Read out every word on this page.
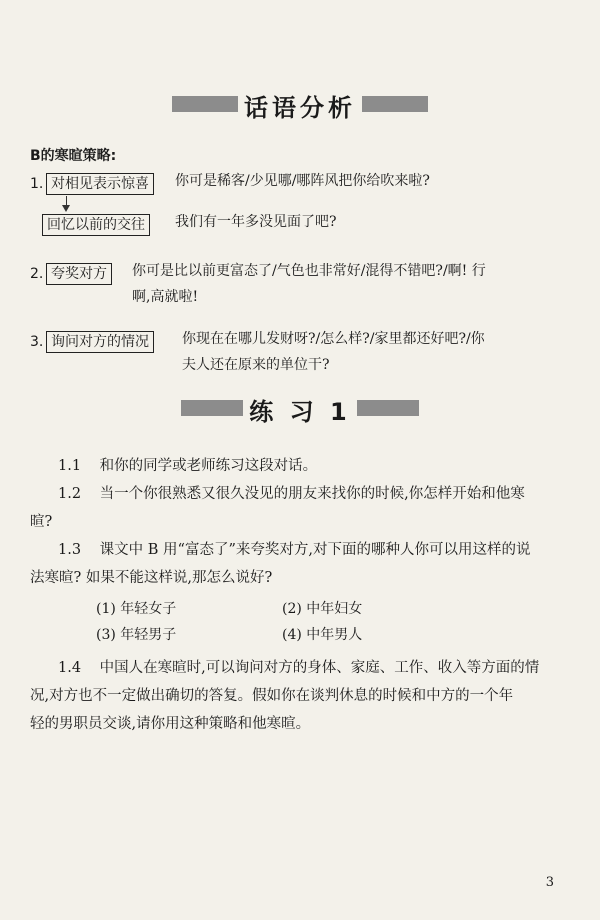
话语分析
B的寒暄策略:
1. 对相见表示惊喜	你可是稀客/少见哪/哪阵风把你给吹来啦?
回忆以前的交往	我们有一年多没见面了吧?
2. 夸奖对方	你可是比以前更富态了/气色也非常好/混得不错吧?/啊! 行
啊,高就啦!
3. 询问对方的情况	你现在在哪儿发财呀?/怎么样?/家里都还好吧?/你
夫人还在原来的单位干?
练 习 1
1.1 和你的同学或老师练习这段对话。
1.2 当一个你很熟悉又很久没见的朋友来找你的时候,你怎样开始和他寒
暄?
1.3 课文中 B 用“富态了”来夸奖对方,对下面的哪种人你可以用这样的说
法寒暄? 如果不能这样说,那怎么说好?
(1) 年轻女子	(2) 中年妇女
(3) 年轻男子	(4) 中年男人
1.4 中国人在寒暄时,可以询问对方的身体、家庭、工作、收入等方面的情
况,对方也不一定做出确切的答复。假如你在谈判休息的时候和中方的一个年
轻的男职员交谈,请你用这种策略和他寒暄。
3
